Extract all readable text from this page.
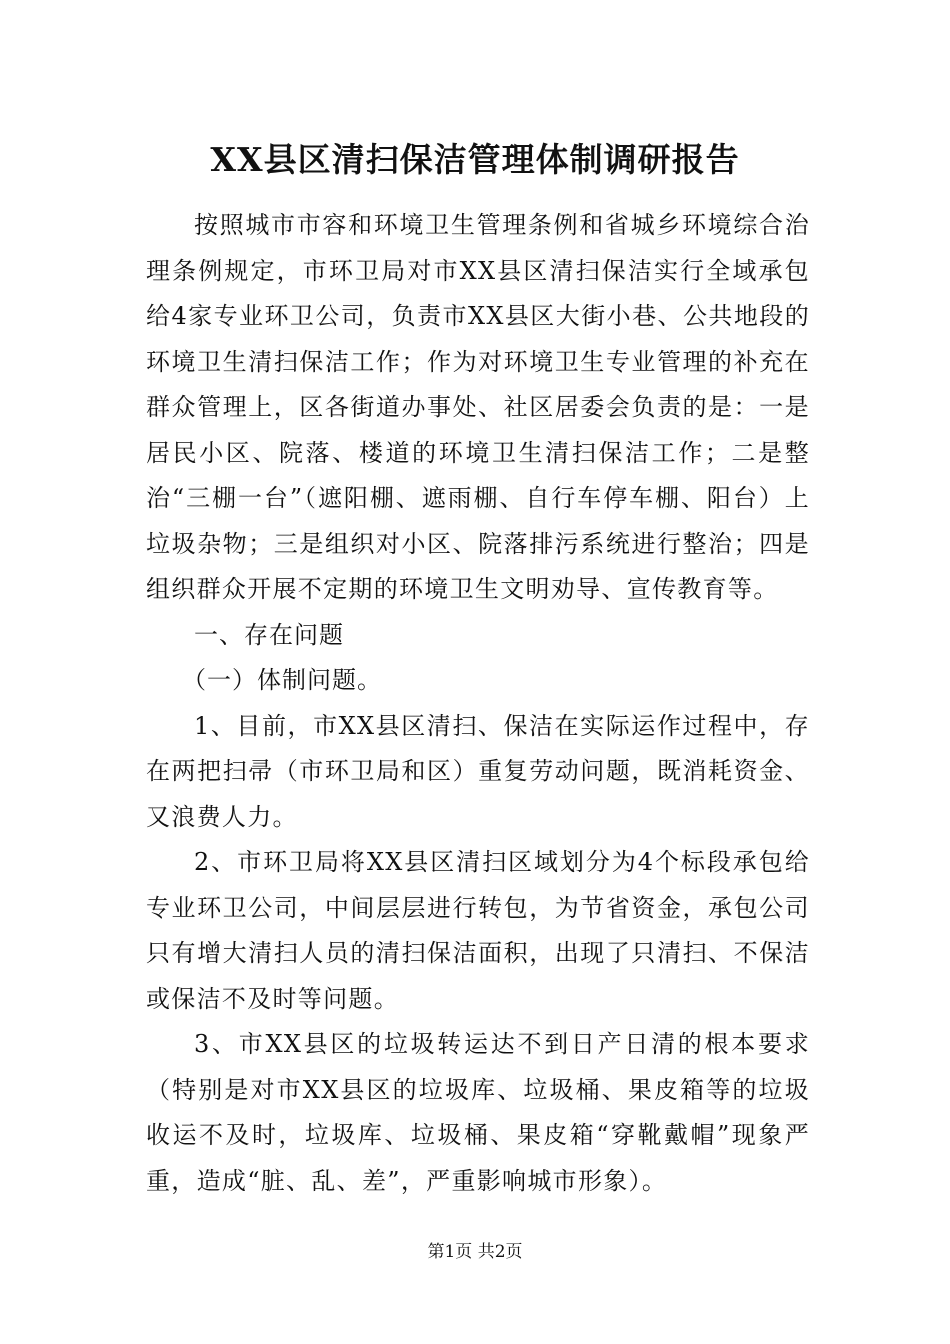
XX县区清扫保洁管理体制调研报告

按照城市市容和环境卫生管理条例和省城乡环境综合治理条例规定，市环卫局对市XX县区清扫保洁实行全域承包给4家专业环卫公司，负责市XX县区大街小巷、公共地段的环境卫生清扫保洁工作；作为对环境卫生专业管理的补充在群众管理上，区各街道办事处、社区居委会负责的是：一是居民小区、院落、楼道的环境卫生清扫保洁工作；二是整治“三棚一台”（遮阳棚、遮雨棚、自行车停车棚、阳台）上垃圾杂物；三是组织对小区、院落排污系统进行整治；四是组织群众开展不定期的环境卫生文明劝导、宣传教育等。

一、存在问题

（一）体制问题。

1、目前，市XX县区清扫、保洁在实际运作过程中，存在两把扫帚（市环卫局和区）重复劳动问题，既消耗资金、又浪费人力。

2、市环卫局将XX县区清扫区域划分为4个标段承包给专业环卫公司，中间层层进行转包，为节省资金，承包公司只有增大清扫人员的清扫保洁面积，出现了只清扫、不保洁或保洁不及时等问题。

3、市XX县区的垃圾转运达不到日产日清的根本要求（特别是对市XX县区的垃圾库、垃圾桶、果皮箱等的垃圾收运不及时，垃圾库、垃圾桶、果皮箱“穿靴戴帽”现象严重，造成“脏、乱、差”，严重影响城市形象）。

第1页 共2页
